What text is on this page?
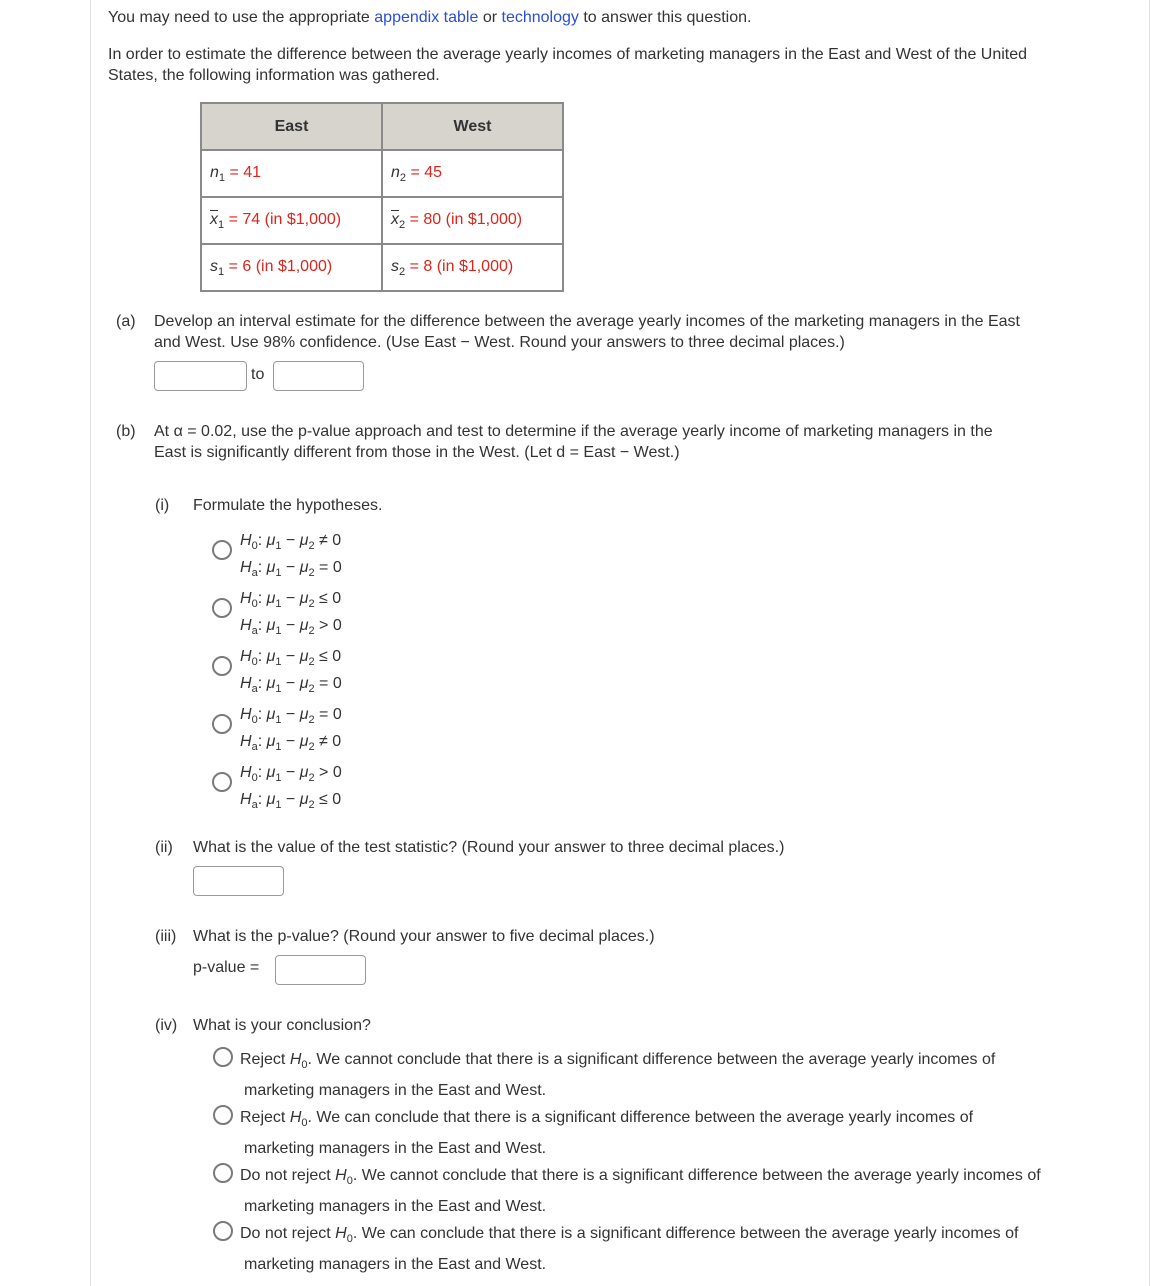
You may need to use the appropriate appendix table or technology to answer this question.
In order to estimate the difference between the average yearly incomes of marketing managers in the East and West of the United
States, the following information was gathered.
East	West
$n_1 = 41$	$n_2 = 45$
$\overline{x}_1 = 74$ (in $1,000)	$\overline{x}_2 = 80$ (in $1,000)
$s_1 = 6$ (in $1,000)	$s_2 = 8$ (in $1,000)
(a) Develop an interval estimate for the difference between the average yearly incomes of the marketing managers in the East
and West. Use 98% confidence. (Use East − West. Round your answers to three decimal places.)
to
(b) At α = 0.02, use the p-value approach and test to determine if the average yearly income of marketing managers in the
East is significantly different from those in the West. (Let d = East − West.)
(i) Formulate the hypotheses.
$H_0$: $\mu_1 - \mu_2 \ne 0$
$H_a$: $\mu_1 - \mu_2 = 0$
$H_0$: $\mu_1 - \mu_2 \le 0$
$H_a$: $\mu_1 - \mu_2 > 0$
$H_0$: $\mu_1 - \mu_2 \le 0$
$H_a$: $\mu_1 - \mu_2 = 0$
$H_0$: $\mu_1 - \mu_2 = 0$
$H_a$: $\mu_1 - \mu_2 \ne 0$
$H_0$: $\mu_1 - \mu_2 > 0$
$H_a$: $\mu_1 - \mu_2 \le 0$
(ii) What is the value of the test statistic? (Round your answer to three decimal places.)
(iii) What is the p-value? (Round your answer to five decimal places.)
p-value =
(iv) What is your conclusion?
Reject $H_0$. We cannot conclude that there is a significant difference between the average yearly incomes of
marketing managers in the East and West.
Reject $H_0$. We can conclude that there is a significant difference between the average yearly incomes of
marketing managers in the East and West.
Do not reject $H_0$. We cannot conclude that there is a significant difference between the average yearly incomes of
marketing managers in the East and West.
Do not reject $H_0$. We can conclude that there is a significant difference between the average yearly incomes of
marketing managers in the East and West.
